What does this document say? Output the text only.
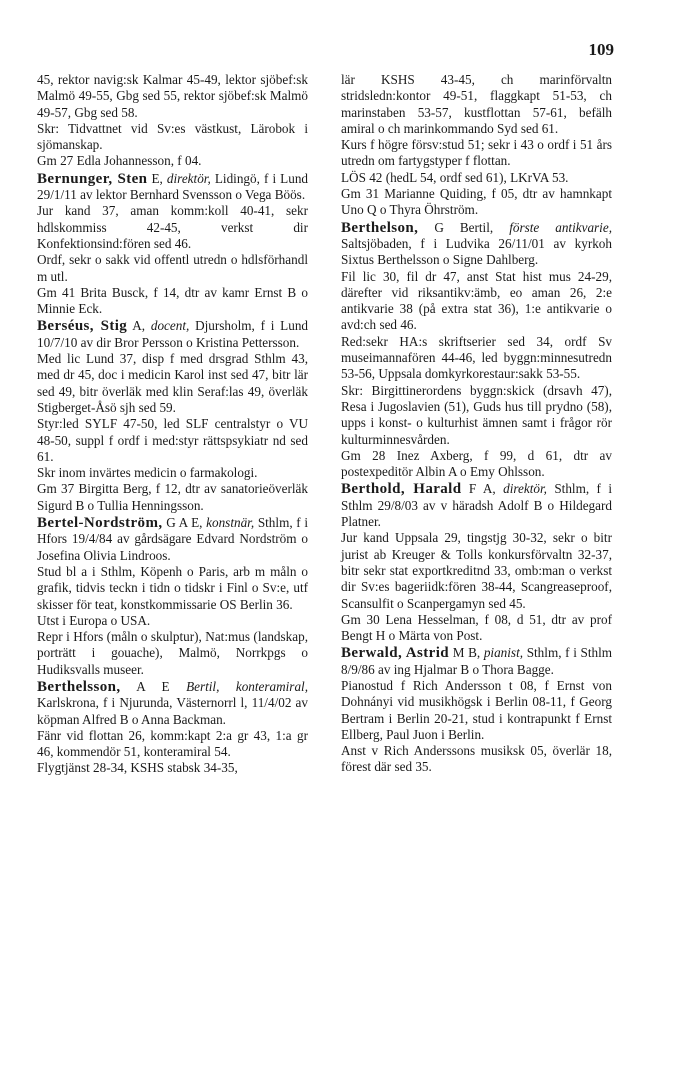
109

45, rektor navig:sk Kalmar 45-49, lektor sjöbef:sk Malmö 49-55, Gbg sed 55, rektor sjöbef:sk Malmö 49-57, Gbg sed 58.

Skr: Tidvattnet vid Sv:es västkust, Lärobok i sjömanskap.

Gm 27 Edla Johannesson, f 04.

Bernunger, Sten E, direktör, Lidingö, f i Lund 29/1/11 av lektor Bernhard Svensson o Vega Böös.

Jur kand 37, aman komm:koll 40-41, sekr hdlskommiss 42-45, verkst dir Konfektionsind:fören sed 46.

Ordf, sekr o sakk vid offentl utredn o hdlsförhandl m utl.

Gm 41 Brita Busck, f 14, dtr av kamr Ernst B o Minnie Eck.

Berséus, Stig A, docent, Djursholm, f i Lund 10/7/10 av dir Bror Persson o Kristina Pettersson.

Med lic Lund 37, disp f med drsgrad Sthlm 43, med dr 45, doc i medicin Karol inst sed 47, bitr lär sed 49, bitr överläk med klin Seraf:las 49, överläk Stigberget-Åsö sjh sed 59.

Styr:led SYLF 47-50, led SLF centralstyr o VU 48-50, suppl f ordf i med:styr rättspsykiatr nd sed 61.

Skr inom invärtes medicin o farmakologi.

Gm 37 Birgitta Berg, f 12, dtr av sanatorieöverläk Sigurd B o Tullia Henningsson.

Bertel-Nordström, G A E, konstnär, Sthlm, f i Hfors 19/4/84 av gårdsägare Edvard Nordström o Josefina Olivia Lindroos.

Stud bl a i Sthlm, Köpenh o Paris, arb m måln o grafik, tidvis teckn i tidn o tidskr i Finl o Sv:e, utf skisser för teat, konstkommissarie OS Berlin 36.

Utst i Europa o USA.

Repr i Hfors (måln o skulptur), Nat:mus (landskap, porträtt i gouache), Malmö, Norrkpgs o Hudiksvalls museer.

Berthelsson, A E Bertil, konteramiral, Karlskrona, f i Njurunda, Västernorrl l, 11/4/02 av köpman Alfred B o Anna Backman.

Fänr vid flottan 26, komm:kapt 2:a gr 43, 1:a gr 46, kommendör 51, konteramiral 54.

Flygtjänst 28-34, KSHS stabsk 34-35,

lär KSHS 43-45, ch marinförvaltn stridsledn:kontor 49-51, flaggkapt 51-53, ch marinstaben 53-57, kustflottan 57-61, befälh amiral o ch marinkommando Syd sed 61.

Kurs f högre försv:stud 51; sekr i 43 o ordf i 51 års utredn om fartygstyper f flottan.

LÖS 42 (hedL 54, ordf sed 61), LKrVA 53.

Gm 31 Marianne Quiding, f 05, dtr av hamnkapt Uno Q o Thyra Öhrström.

Berthelson, G Bertil, förste antikvarie, Saltsjöbaden, f i Ludvika 26/11/01 av kyrkoh Sixtus Berthelsson o Signe Dahlberg.

Fil lic 30, fil dr 47, anst Stat hist mus 24-29, därefter vid riksantikv:ämb, eo aman 26, 2:e antikvarie 38 (på extra stat 36), 1:e antikvarie o avd:ch sed 46.

Red:sekr HA:s skriftserier sed 34, ordf Sv museimannafören 44-46, led byggn:minnesutredn 53-56, Uppsala domkyrkorestaur:sakk 53-55.

Skr: Birgittinerordens byggn:skick (drsavh 47), Resa i Jugoslavien (51), Guds hus till prydno (58), upps i konst- o kulturhist ämnen samt i frågor rör kulturminnesvården.

Gm 28 Inez Axberg, f 99, d 61, dtr av postexpeditör Albin A o Emy Ohlsson.

Berthold, Harald F A, direktör, Sthlm, f i Sthlm 29/8/03 av v häradsh Adolf B o Hildegard Platner.

Jur kand Uppsala 29, tingstjg 30-32, sekr o bitr jurist ab Kreuger & Tolls konkursförvaltn 32-37, bitr sekr stat exportkreditnd 33, omb:man o verkst dir Sv:es bageriidk:fören 38-44, Scangreaseproof, Scansulfit o Scanpergamyn sed 45.

Gm 30 Lena Hesselman, f 08, d 51, dtr av prof Bengt H o Märta von Post.

Berwald, Astrid M B, pianist, Sthlm, f i Sthlm 8/9/86 av ing Hjalmar B o Thora Bagge.

Pianostud f Rich Andersson t 08, f Ernst von Dohnányi vid musikhögsk i Berlin 08-11, f Georg Bertram i Berlin 20-21, stud i kontrapunkt f Ernst Ellberg, Paul Juon i Berlin.

Anst v Rich Anderssons musiksk 05, överlär 18, förest där sed 35.
